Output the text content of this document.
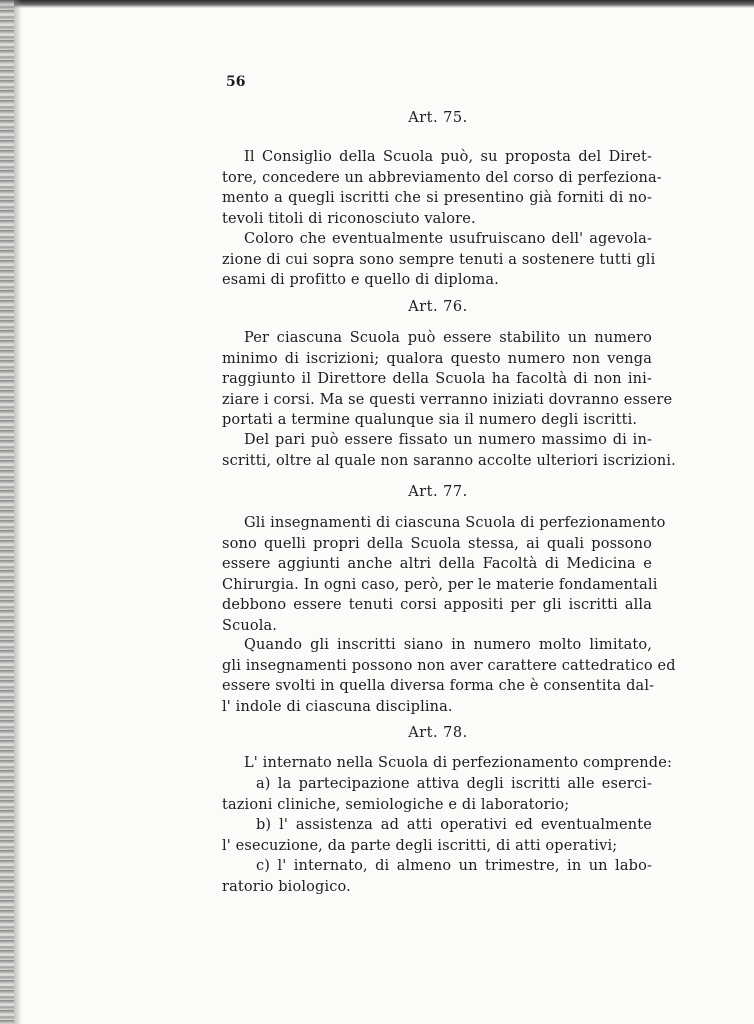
56
Art. 75.
Il Consiglio della Scuola può, su proposta del Diret-
tore, concedere un abbreviamento del corso di perfeziona-
mento a quegli iscritti che si presentino già forniti di no-
tevoli titoli di riconosciuto valore.
Coloro che eventualmente usufruiscano dell' agevola-
zione di cui sopra sono sempre tenuti a sostenere tutti gli
esami di profitto e quello di diploma.
Art. 76.
Per ciascuna Scuola può essere stabilito un numero
minimo di iscrizioni; qualora questo numero non venga
raggiunto il Direttore della Scuola ha facoltà di non ini-
ziare i corsi. Ma se questi verranno iniziati dovranno essere
portati a termine qualunque sia il numero degli iscritti.
Del pari può essere fissato un numero massimo di in-
scritti, oltre al quale non saranno accolte ulteriori iscrizioni.
Art. 77.
Gli insegnamenti di ciascuna Scuola di perfezionamento
sono quelli propri della Scuola stessa, ai quali possono
essere aggiunti anche altri della Facoltà di Medicina e
Chirurgia. In ogni caso, però, per le materie fondamentali
debbono essere tenuti corsi appositi per gli iscritti alla
Scuola.
Quando gli inscritti siano in numero molto limitato,
gli insegnamenti possono non aver carattere cattedratico ed
essere svolti in quella diversa forma che è consentita dal-
l' indole di ciascuna disciplina.
Art. 78.
L' internato nella Scuola di perfezionamento comprende:
a) la partecipazione attiva degli iscritti alle eserci-
tazioni cliniche, semiologiche e di laboratorio;
b) l' assistenza ad atti operativi ed eventualmente
l' esecuzione, da parte degli iscritti, di atti operativi;
c) l' internato, di almeno un trimestre, in un labo-
ratorio biologico.
